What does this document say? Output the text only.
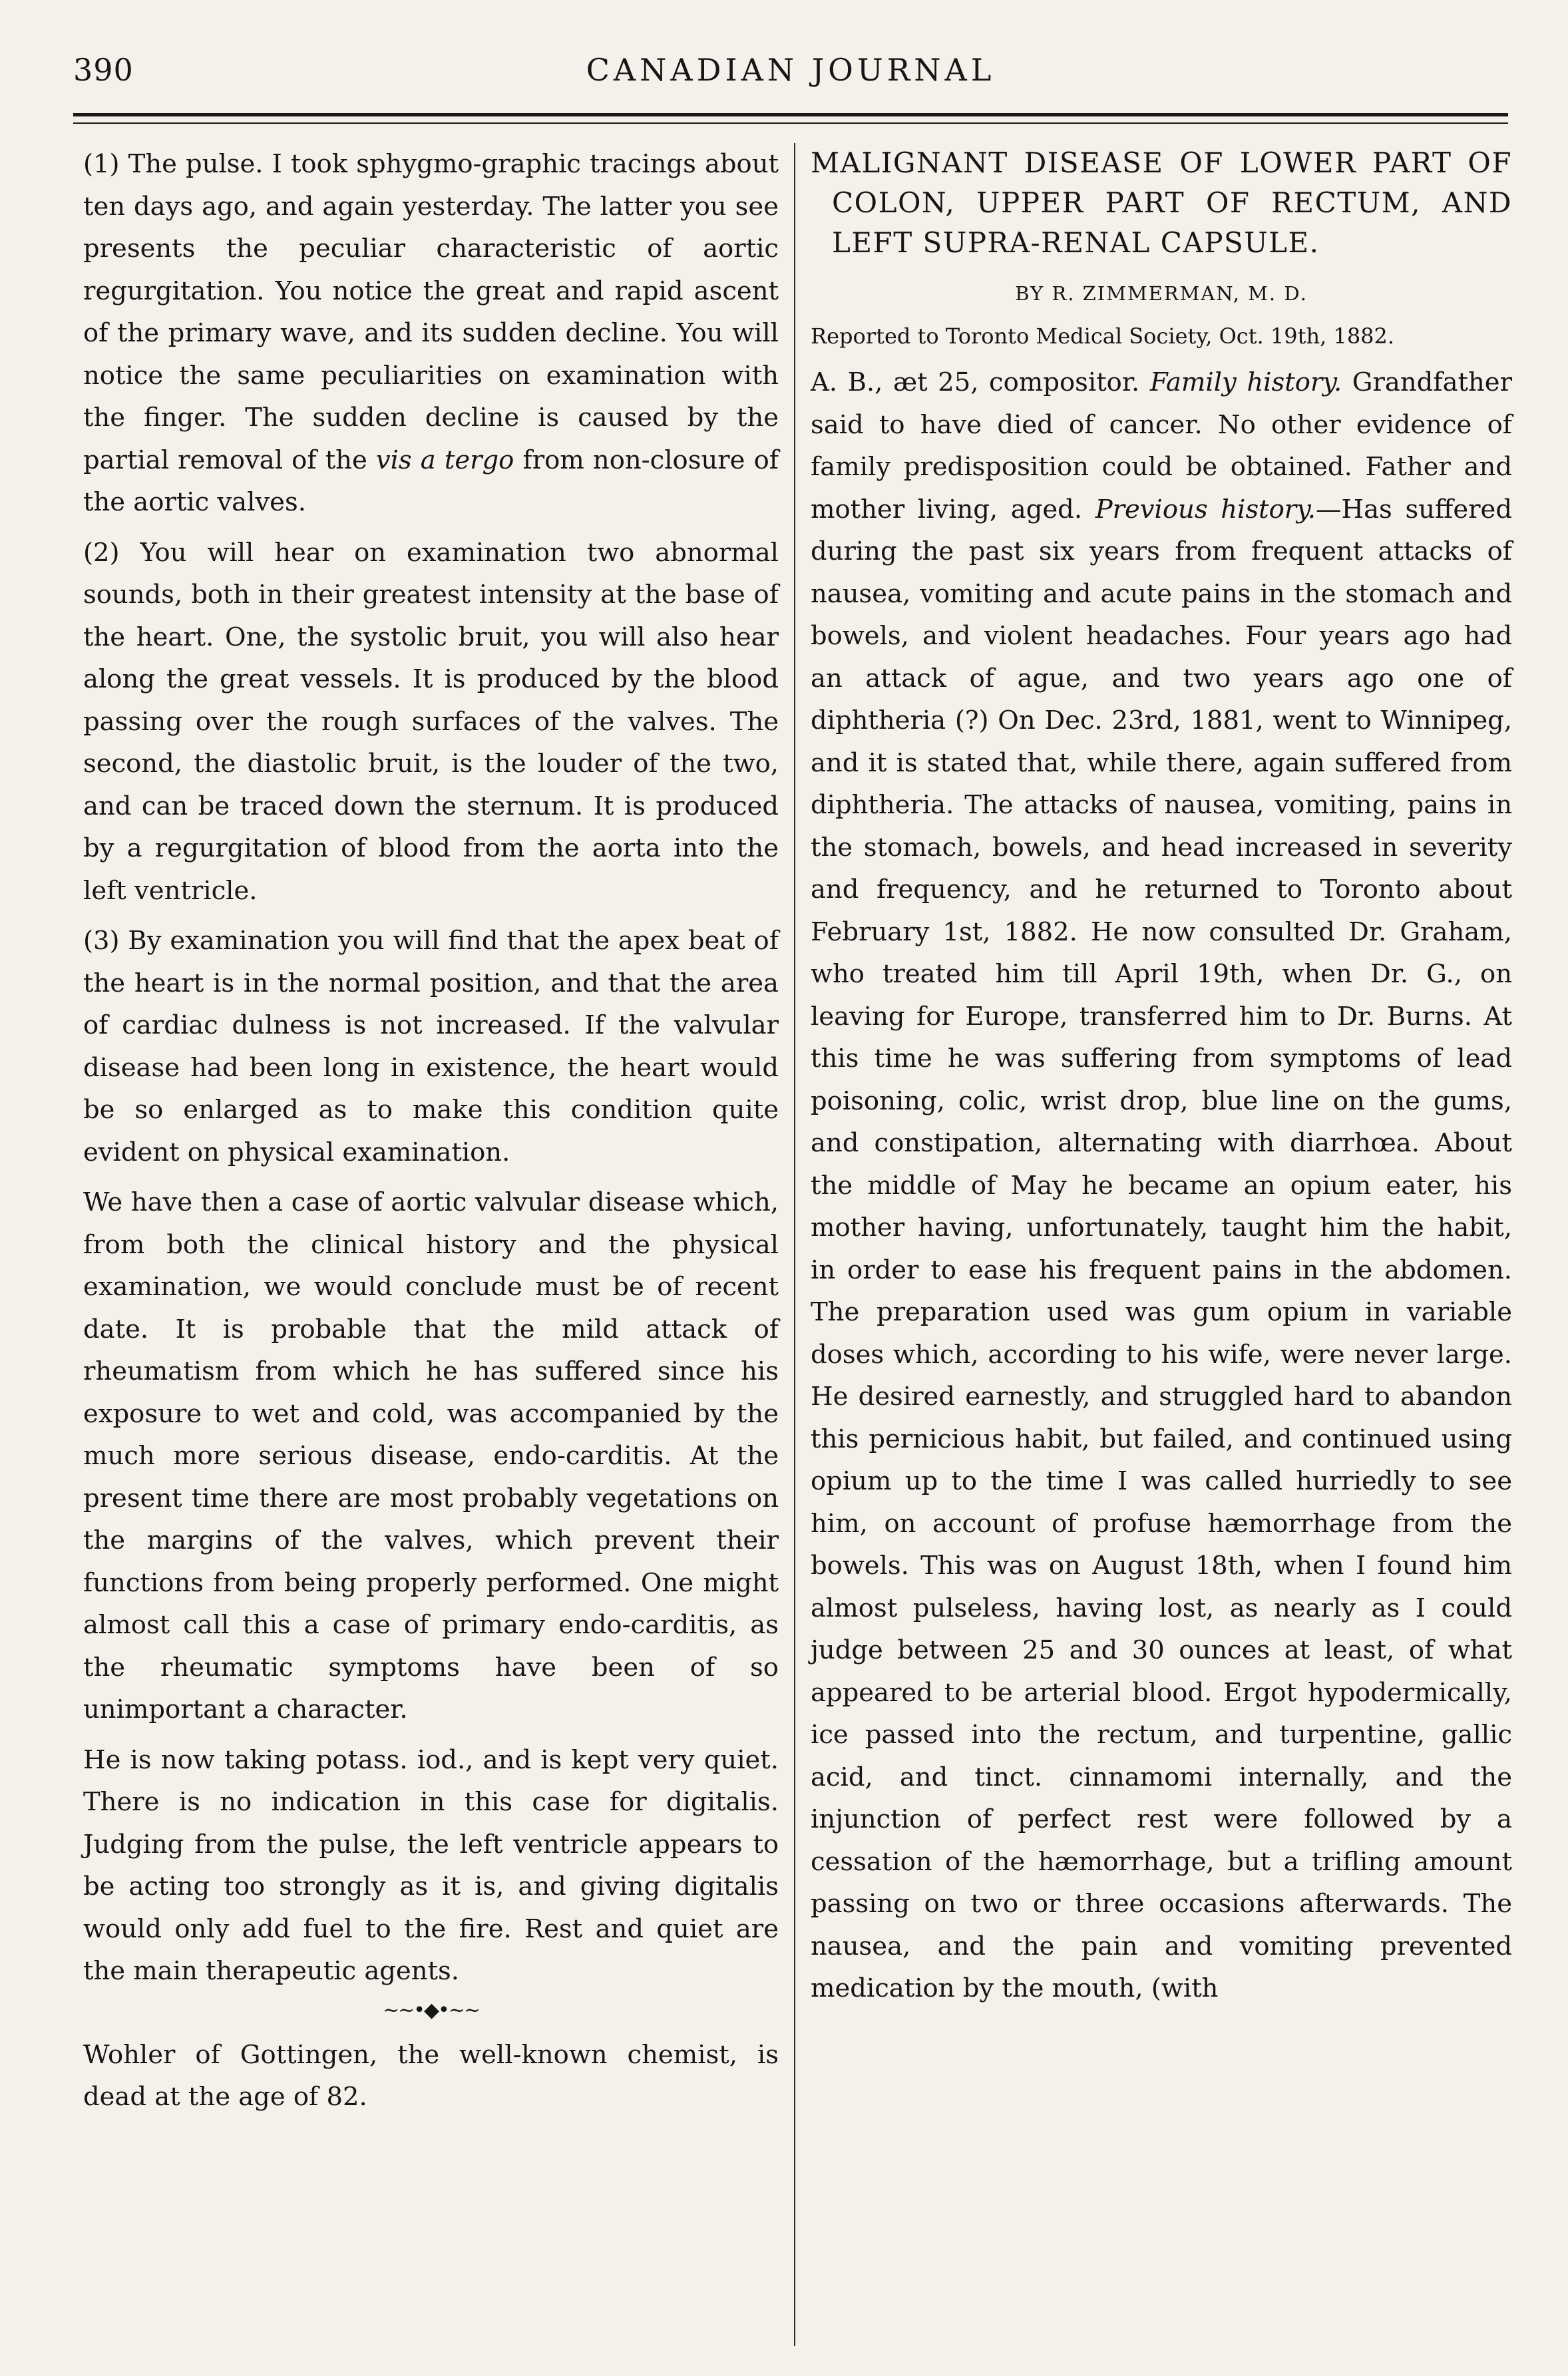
390	CANADIAN JOURNAL

(1) The pulse. I took sphygmo-graphic tracings about ten days ago, and again yesterday. The latter you see presents the peculiar characteristic of aortic regurgitation. You notice the great and rapid ascent of the primary wave, and its sudden decline. You will notice the same peculiarities on examination with the finger. The sudden decline is caused by the partial removal of the vis a tergo from non-closure of the aortic valves.

(2) You will hear on examination two abnormal sounds, both in their greatest intensity at the base of the heart. One, the systolic bruit, you will also hear along the great vessels. It is produced by the blood passing over the rough surfaces of the valves. The second, the diastolic bruit, is the louder of the two, and can be traced down the sternum. It is produced by a regurgitation of blood from the aorta into the left ventricle.

(3) By examination you will find that the apex beat of the heart is in the normal position, and that the area of cardiac dulness is not increased. If the valvular disease had been long in existence, the heart would be so enlarged as to make this condition quite evident on physical examination.

We have then a case of aortic valvular disease which, from both the clinical history and the physical examination, we would conclude must be of recent date. It is probable that the mild attack of rheumatism from which he has suffered since his exposure to wet and cold, was accompanied by the much more serious disease, endo-carditis. At the present time there are most probably vegetations on the margins of the valves, which prevent their functions from being properly performed. One might almost call this a case of primary endo-carditis, as the rheumatic symptoms have been of so unimportant a character.

He is now taking potass. iod., and is kept very quiet. There is no indication in this case for digitalis. Judging from the pulse, the left ventricle appears to be acting too strongly as it is, and giving digitalis would only add fuel to the fire. Rest and quiet are the main therapeutic agents.

~~•◆•~~

Wohler of Gottingen, the well-known chemist, is dead at the age of 82.

MALIGNANT DISEASE OF LOWER PART OF COLON, UPPER PART OF RECTUM, AND LEFT SUPRA-RENAL CAPSULE.
BY R. ZIMMERMAN, M. D.
Reported to Toronto Medical Society, Oct. 19th, 1882.

A. B., æt 25, compositor. Family history. Grandfather said to have died of cancer. No other evidence of family predisposition could be obtained. Father and mother living, aged. Previous history.—Has suffered during the past six years from frequent attacks of nausea, vomiting and acute pains in the stomach and bowels, and violent headaches. Four years ago had an attack of ague, and two years ago one of diphtheria (?) On Dec. 23rd, 1881, went to Winnipeg, and it is stated that, while there, again suffered from diphtheria. The attacks of nausea, vomiting, pains in the stomach, bowels, and head increased in severity and frequency, and he returned to Toronto about February 1st, 1882. He now consulted Dr. Graham, who treated him till April 19th, when Dr. G., on leaving for Europe, transferred him to Dr. Burns. At this time he was suffering from symptoms of lead poisoning, colic, wrist drop, blue line on the gums, and constipation, alternating with diarrhœa. About the middle of May he became an opium eater, his mother having, unfortunately, taught him the habit, in order to ease his frequent pains in the abdomen. The preparation used was gum opium in variable doses which, according to his wife, were never large. He desired earnestly, and struggled hard to abandon this pernicious habit, but failed, and continued using opium up to the time I was called hurriedly to see him, on account of profuse hæmorrhage from the bowels. This was on August 18th, when I found him almost pulseless, having lost, as nearly as I could judge between 25 and 30 ounces at least, of what appeared to be arterial blood. Ergot hypodermically, ice passed into the rectum, and turpentine, gallic acid, and tinct. cinnamomi internally, and the injunction of perfect rest were followed by a cessation of the hæmorrhage, but a trifling amount passing on two or three occasions afterwards. The nausea, and the pain and vomiting prevented medication by the mouth, (with
